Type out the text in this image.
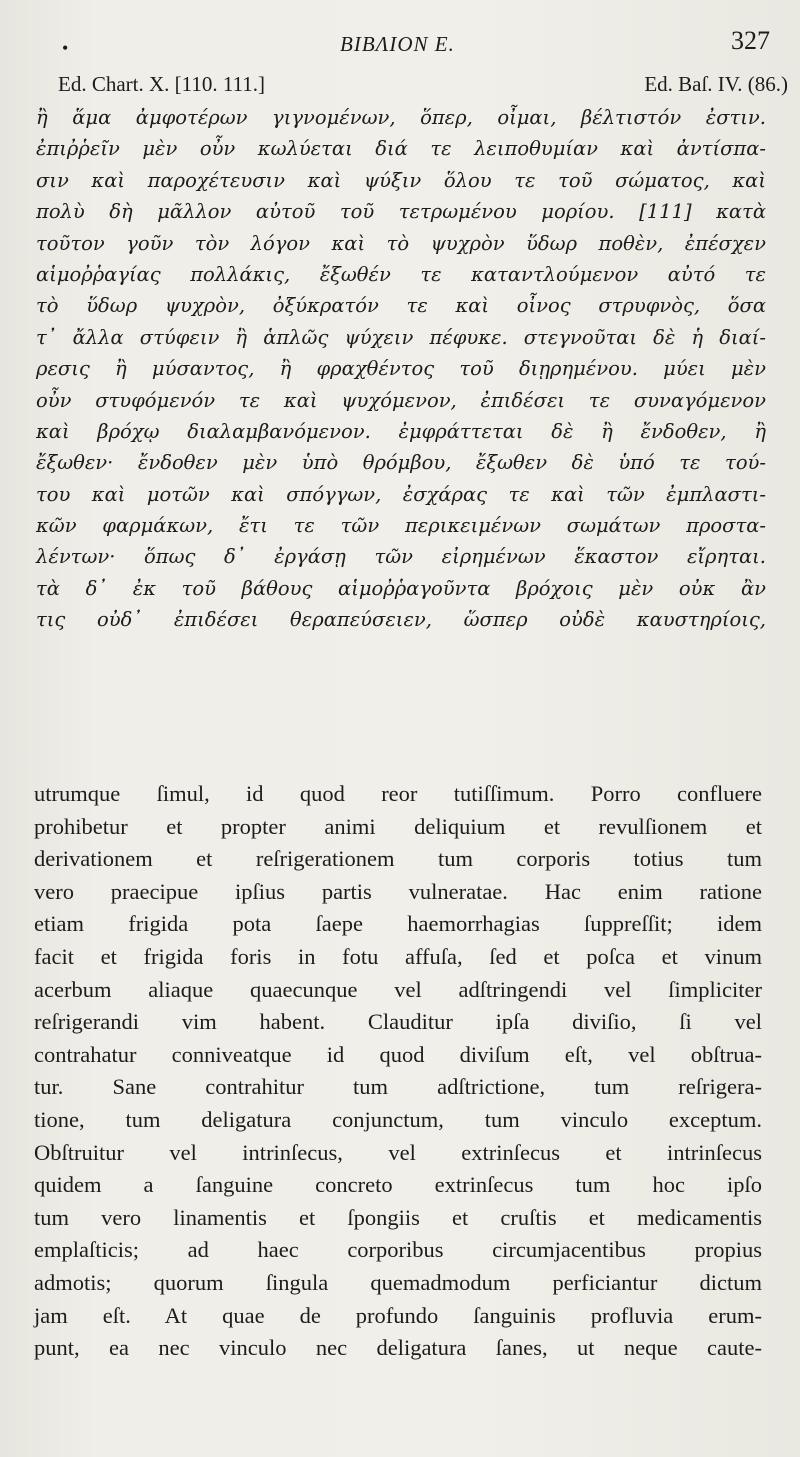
•	ΒΙΒΛΙΟΝ Ε.	327
Ed. Chart. X. [110. 111.]	Ed. Baſ. IV. (86.)
ἢ ἅμα ἀμφοτέρων γιγνομένων, ὅπερ, οἶμαι, βέλτιστόν ἐστιν.
ἐπιῤῥεῖν μὲν οὖν κωλύεται διά τε λειποθυμίαν καὶ ἀντίσπα-
σιν καὶ παροχέτευσιν καὶ ψύξιν ὅλου τε τοῦ σώματος, καὶ
πολὺ δὴ μᾶλλον αὐτοῦ τοῦ τετρωμένου μορίου. [111] κατὰ
τοῦτον γοῦν τὸν λόγον καὶ τὸ ψυχρὸν ὕδωρ ποθὲν, ἐπέσχεν
αἱμοῤῥαγίας πολλάκις, ἔξωθέν τε καταντλούμενον αὐτό τε
τὸ ὕδωρ ψυχρὸν, ὀξύκρατόν τε καὶ οἶνος στρυφνὸς, ὅσα
τ᾽ ἄλλα στύφειν ἢ ἁπλῶς ψύχειν πέφυκε. στεγνοῦται δὲ ἡ διαί-
ρεσις ἢ μύσαντος, ἢ φραχθέντος τοῦ διῃρημένου. μύει μὲν
οὖν στυφόμενόν τε καὶ ψυχόμενον, ἐπιδέσει τε συναγόμενον
καὶ βρόχῳ διαλαμβανόμενον. ἐμφράττεται δὲ ἢ ἔνδοθεν, ἢ
ἔξωθεν· ἔνδοθεν μὲν ὑπὸ θρόμβου, ἔξωθεν δὲ ὑπό τε τού-
του καὶ μοτῶν καὶ σπόγγων, ἐσχάρας τε καὶ τῶν ἐμπλαστι-
κῶν φαρμάκων, ἔτι τε τῶν περικειμένων σωμάτων προστα-
λέντων· ὅπως δ᾽ ἐργάσῃ τῶν εἰρημένων ἕκαστον εἴρηται.
τὰ δ᾽ ἐκ τοῦ βάθους αἱμοῤῥαγοῦντα βρόχοις μὲν οὐκ ἂν
τις οὐδ᾽ ἐπιδέσει θεραπεύσειεν, ὥσπερ οὐδὲ καυστηρίοις,
utrumque ſimul, id quod reor tutiſſimum. Porro confluere
prohibetur et propter animi deliquium et revulſionem et
derivationem et reſrigerationem tum corporis totius tum
vero praecipue ipſius partis vulneratae. Hac enim ratione
etiam frigida pota ſaepe haemorrhagias ſuppreſſit; idem
facit et frigida foris in fotu affuſa, ſed et poſca et vinum
acerbum aliaque quaecunque vel adſtringendi vel ſimpliciter
reſrigerandi vim habent. Clauditur ipſa diviſio, ſi vel
contrahatur conniveatque id quod diviſum eſt, vel obſtrua-
tur. Sane contrahitur tum adſtrictione, tum reſrigera-
tione, tum deligatura conjunctum, tum vinculo exceptum.
Obſtruitur vel intrinſecus, vel extrinſecus et intrinſecus
quidem a ſanguine concreto extrinſecus tum hoc ipſo
tum vero linamentis et ſpongiis et cruſtis et medicamentis
emplaſticis; ad haec corporibus circumjacentibus propius
admotis; quorum ſingula quemadmodum perficiantur dictum
jam eſt. At quae de profundo ſanguinis profluvia erum-
punt, ea nec vinculo nec deligatura ſanes, ut neque caute-
